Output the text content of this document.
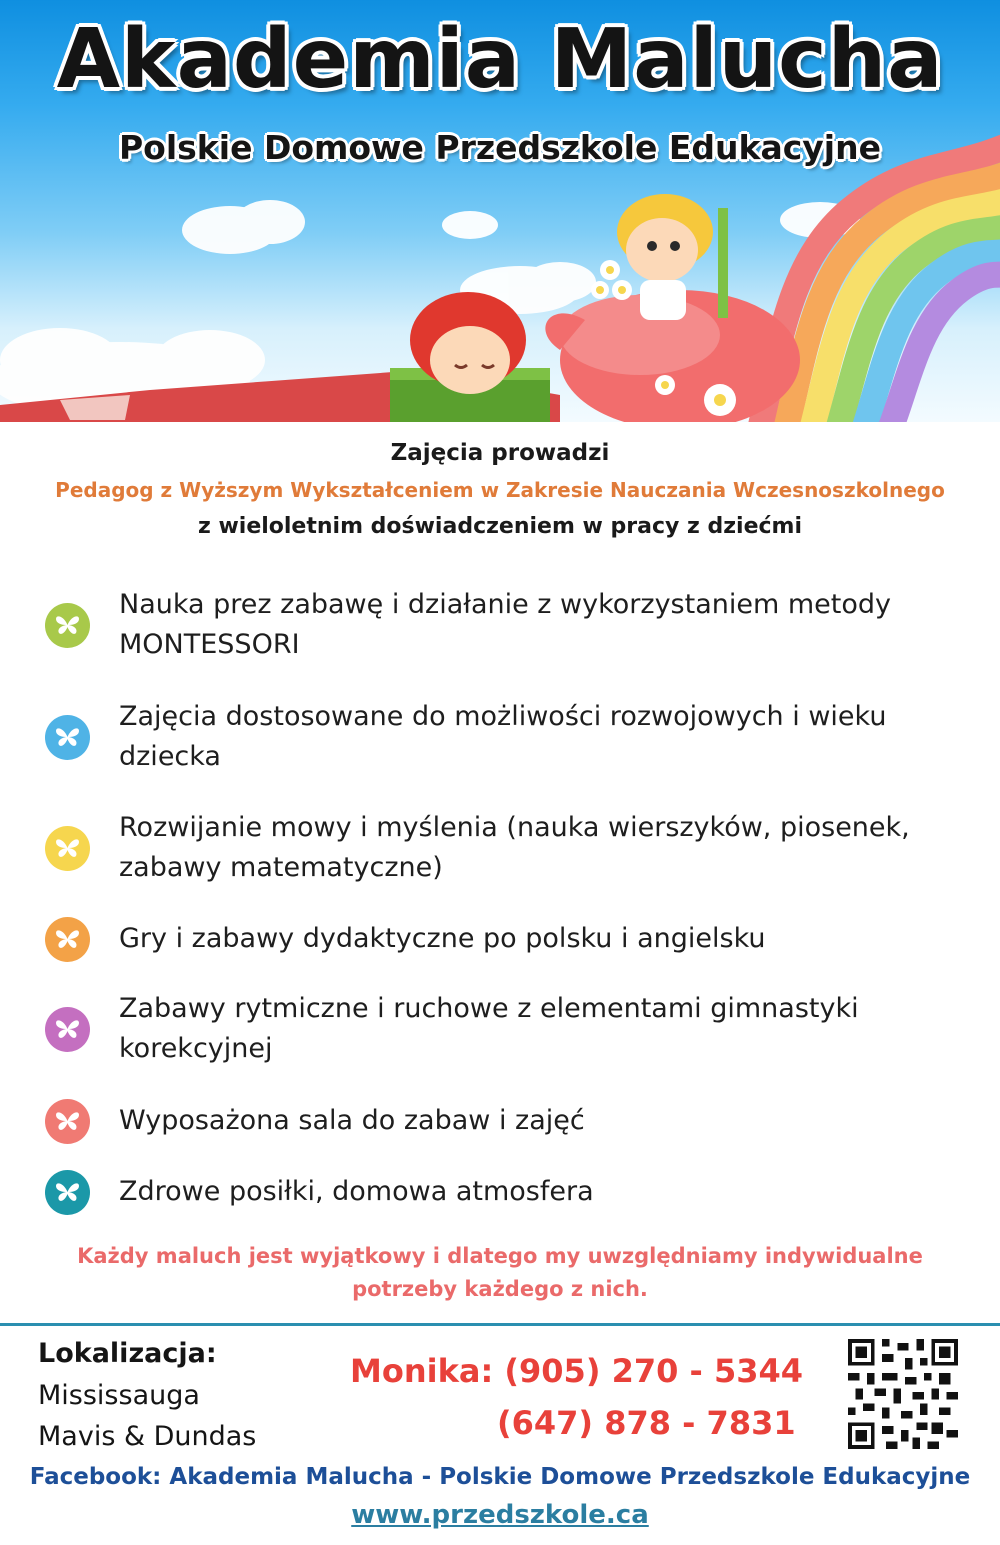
Akademia Malucha
Polskie Domowe Przedszkole Edukacyjne
Zajęcia prowadzi
Pedagog z Wyższym Wykształceniem w Zakresie Nauczania Wczesnoszkolnego
z wieloletnim doświadczeniem w pracy z dziećmi
Nauka prez zabawę i działanie z wykorzystaniem metody MONTESSORI
Zajęcia dostosowane do możliwości rozwojowych i wieku dziecka
Rozwijanie mowy i myślenia (nauka wierszyków, piosenek, zabawy matematyczne)
Gry i zabawy dydaktyczne po polsku i angielsku
Zabawy rytmiczne i ruchowe z elementami gimnastyki korekcyjnej
Wyposażona sala do zabaw i zajęć
Zdrowe posiłki, domowa atmosfera
Każdy maluch jest wyjątkowy i dlatego my uwzględniamy indywidualne
potrzeby każdego z nich.
Lokalizacja:
Mississauga
Mavis & Dundas
Monika: (905) 270 - 5344
(647) 878 - 7831
Facebook: Akademia Malucha - Polskie Domowe Przedszkole Edukacyjne
www.przedszkole.ca
